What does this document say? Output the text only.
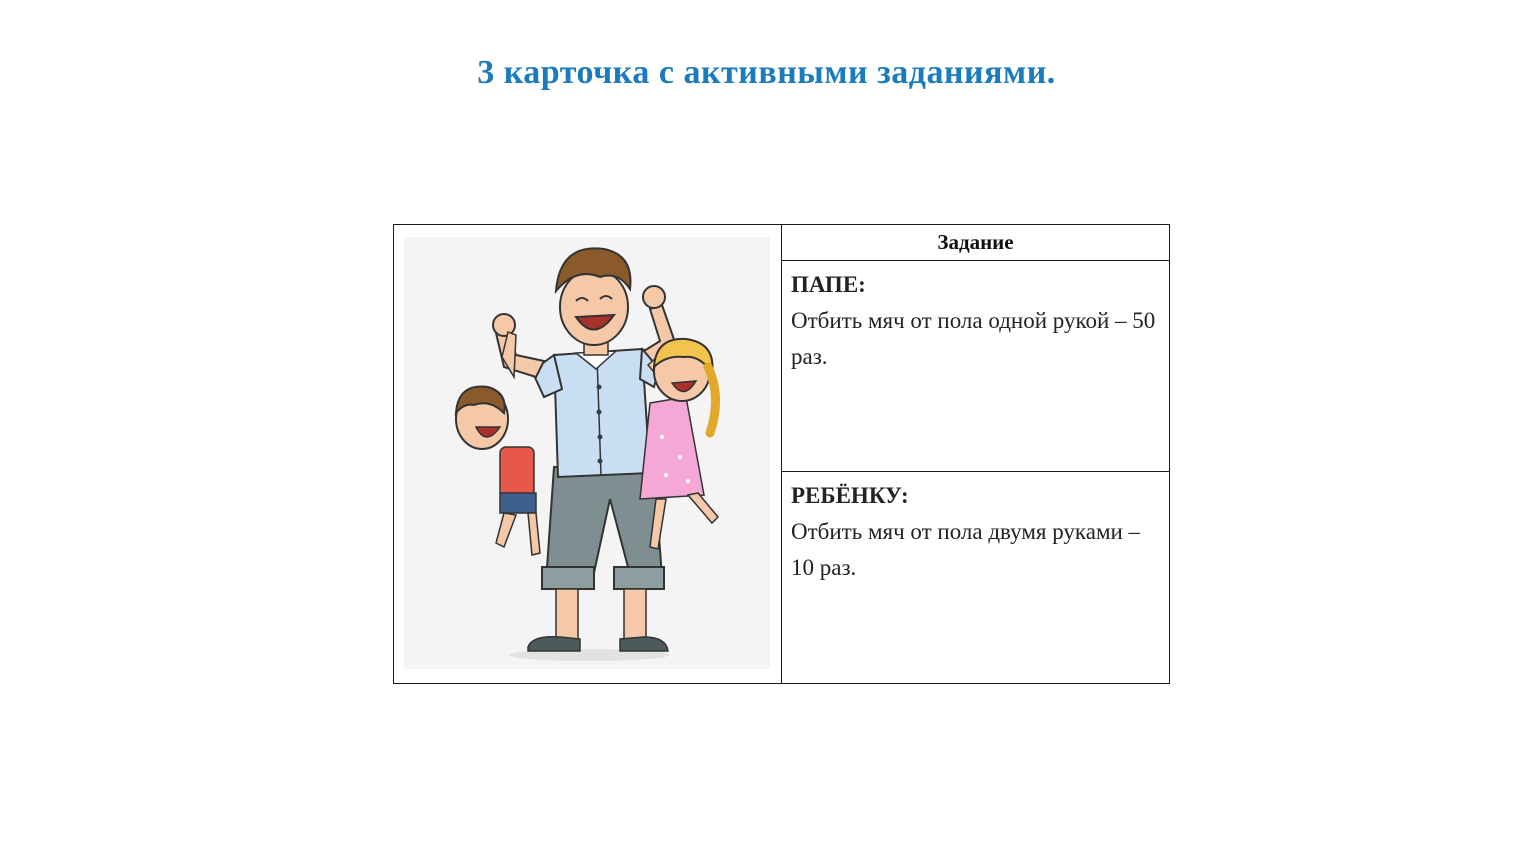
3 карточка с активными заданиями.
	Задание

ПАПЕ:
Отбить мяч от пола одной рукой – 50 раз.

РЕБЁНКУ:
Отбить мяч от пола двумя руками – 10 раз.
